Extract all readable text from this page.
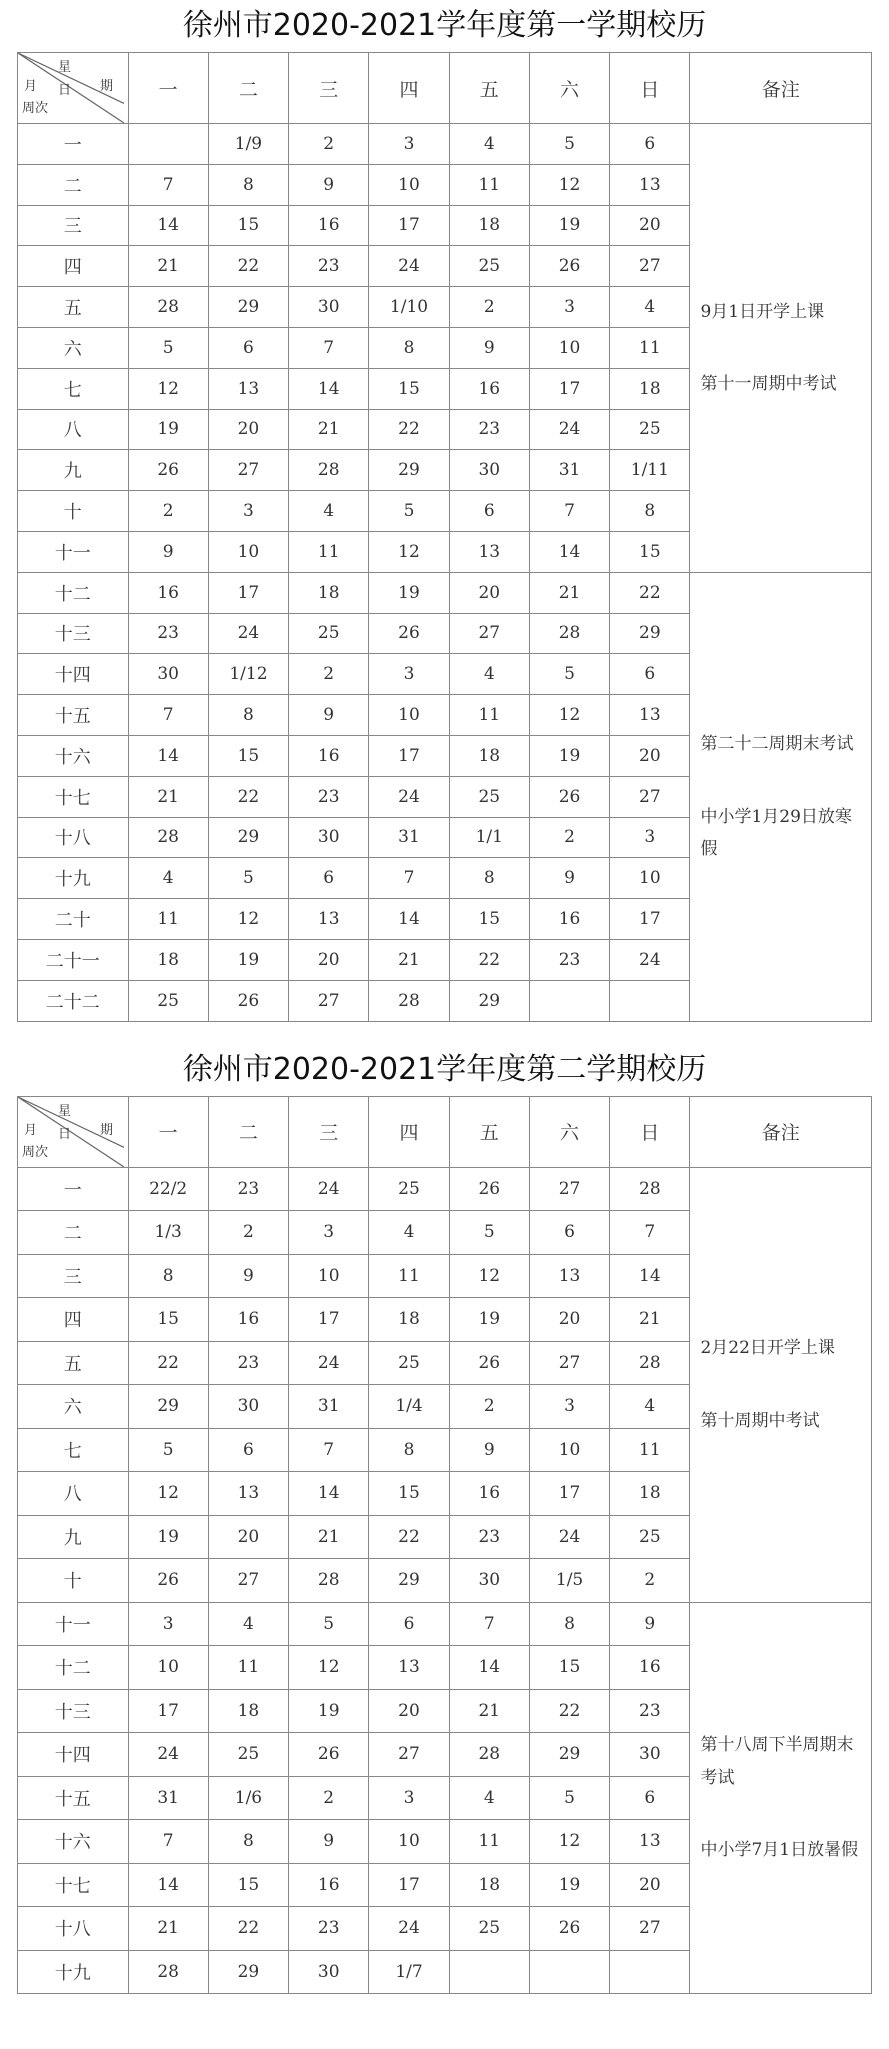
徐州市2020-2021学年度第一学期校历
星
期
日
月
周次	一	二	三	四	五	六	日	备注
一		1/9	2	3	4	5	6	9月1日开学上课

第十一周期中考试

二	7	8	9	10	11	12	13	
三	14	15	16	17	18	19	20	
四	21	22	23	24	25	26	27	
五	28	29	30	1/10	2	3	4	
六	5	6	7	8	9	10	11	
七	12	13	14	15	16	17	18	
八	19	20	21	22	23	24	25	
九	26	27	28	29	30	31	1/11	
十	2	3	4	5	6	7	8	
十一	9	10	11	12	13	14	15	
十二	16	17	18	19	20	21	22	第二十二周期末考试

中小学1月29日放寒假

十三	23	24	25	26	27	28	29	
十四	30	1/12	2	3	4	5	6	
十五	7	8	9	10	11	12	13	
十六	14	15	16	17	18	19	20	
十七	21	22	23	24	25	26	27	
十八	28	29	30	31	1/1	2	3	
十九	4	5	6	7	8	9	10	
二十	11	12	13	14	15	16	17	
二十一	18	19	20	21	22	23	24	
二十二	25	26	27	28	29			
徐州市2020-2021学年度第二学期校历
星
期
日
月
周次	一	二	三	四	五	六	日	备注
一	22/2	23	24	25	26	27	28	2月22日开学上课

第十周期中考试

二	1/3	2	3	4	5	6	7	
三	8	9	10	11	12	13	14	
四	15	16	17	18	19	20	21	
五	22	23	24	25	26	27	28	
六	29	30	31	1/4	2	3	4	
七	5	6	7	8	9	10	11	
八	12	13	14	15	16	17	18	
九	19	20	21	22	23	24	25	
十	26	27	28	29	30	1/5	2	
十一	3	4	5	6	7	8	9	第十八周下半周期末考试

中小学7月1日放暑假

十二	10	11	12	13	14	15	16	
十三	17	18	19	20	21	22	23	
十四	24	25	26	27	28	29	30	
十五	31	1/6	2	3	4	5	6	
十六	7	8	9	10	11	12	13	
十七	14	15	16	17	18	19	20	
十八	21	22	23	24	25	26	27	
十九	28	29	30	1/7				
